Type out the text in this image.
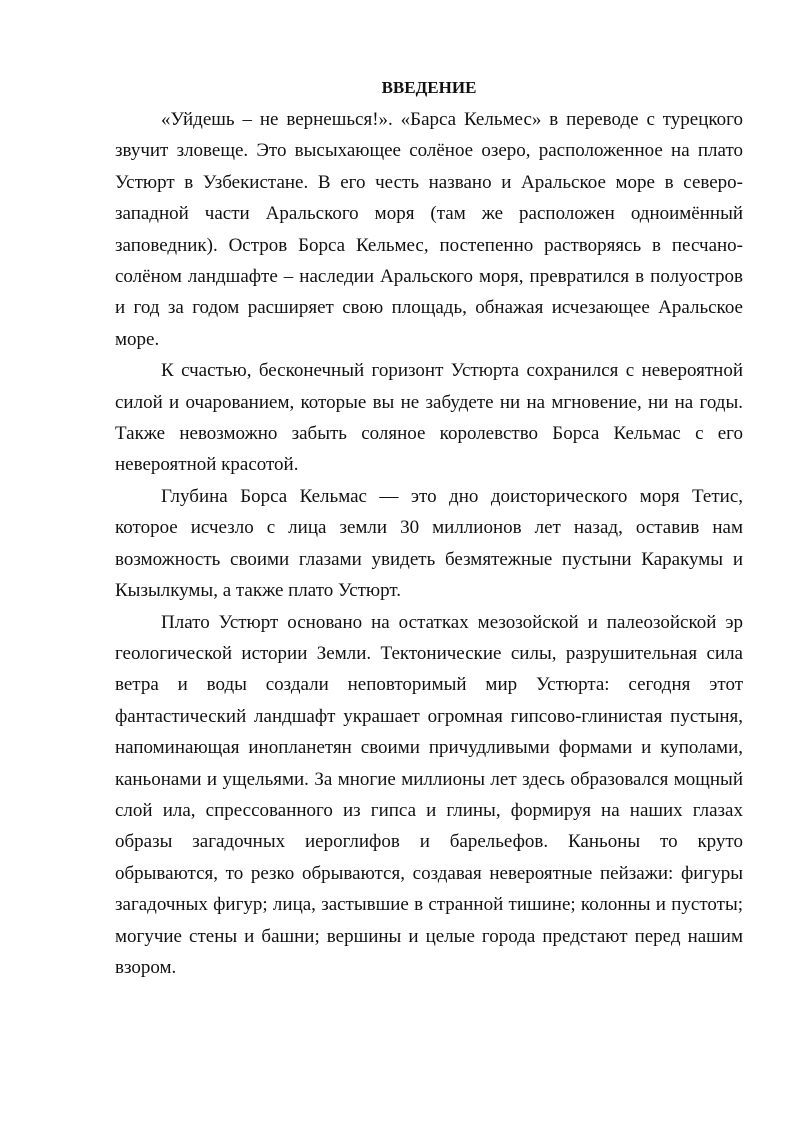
ВВЕДЕНИЕ

«Уйдешь – не вернешься!». «Барса Кельмес» в переводе с турецкого звучит зловеще. Это высыхающее солёное озеро, расположенное на плато Устюрт в Узбекистане. В его честь названо и Аральское море в северо-западной части Аральского моря (там же расположен одноимённый заповедник). Остров Борса Кельмес, постепенно растворяясь в песчано-солёном ландшафте – наследии Аральского моря, превратился в полуостров и год за годом расширяет свою площадь, обнажая исчезающее Аральское море.

К счастью, бесконечный горизонт Устюрта сохранился с невероятной силой и очарованием, которые вы не забудете ни на мгновение, ни на годы. Также невозможно забыть соляное королевство Борса Кельмас с его невероятной красотой.

Глубина Борса Кельмас — это дно доисторического моря Тетис, которое исчезло с лица земли 30 миллионов лет назад, оставив нам возможность своими глазами увидеть безмятежные пустыни Каракумы и Кызылкумы, а также плато Устюрт.

Плато Устюрт основано на остатках мезозойской и палеозойской эр геологической истории Земли. Тектонические силы, разрушительная сила ветра и воды создали неповторимый мир Устюрта: сегодня этот фантастический ландшафт украшает огромная гипсово-глинистая пустыня, напоминающая инопланетян своими причудливыми формами и куполами, каньонами и ущельями. За многие миллионы лет здесь образовался мощный слой ила, спрессованного из гипса и глины, формируя на наших глазах образы загадочных иероглифов и барельефов. Каньоны то круто обрываются, то резко обрываются, создавая невероятные пейзажи: фигуры загадочных фигур; лица, застывшие в странной тишине; колонны и пустоты; могучие стены и башни; вершины и целые города предстают перед нашим взором.
